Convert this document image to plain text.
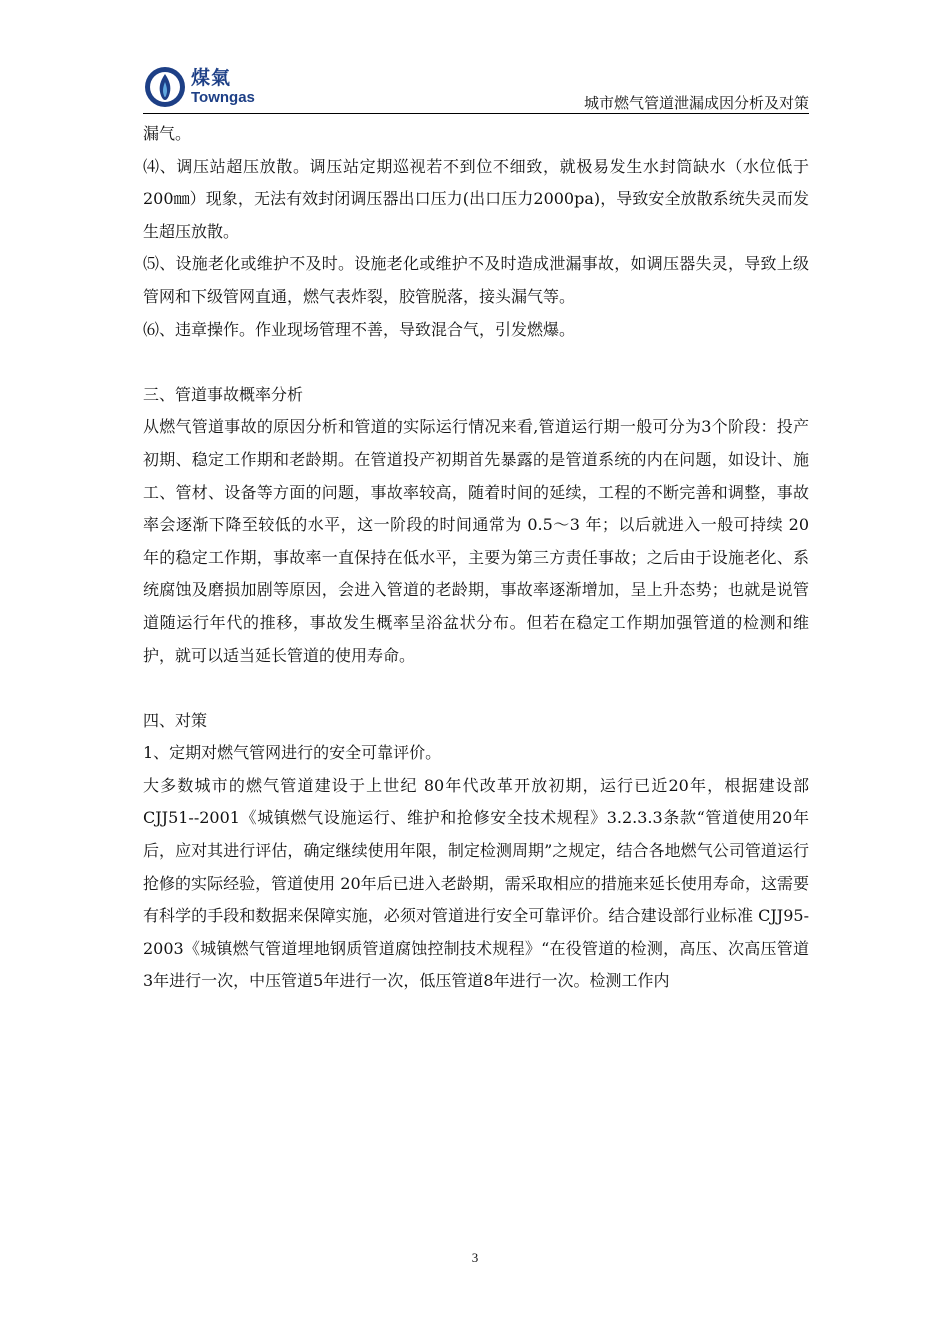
煤氣
Towngas	城市燃气管道泄漏成因分析及对策

漏气。

⑷、调压站超压放散。调压站定期巡视若不到位不细致，就极易发生水封筒缺水（水位低于200㎜）现象，无法有效封闭调压器出口压力(出口压力2000pa)，导致安全放散系统失灵而发生超压放散。

⑸、设施老化或维护不及时。设施老化或维护不及时造成泄漏事故，如调压器失灵，导致上级管网和下级管网直通，燃气表炸裂，胶管脱落，接头漏气等。

⑹、违章操作。作业现场管理不善，导致混合气，引发燃爆。

三、管道事故概率分析

从燃气管道事故的原因分析和管道的实际运行情况来看,管道运行期一般可分为3个阶段：投产初期、稳定工作期和老龄期。在管道投产初期首先暴露的是管道系统的内在问题，如设计、施工、管材、设备等方面的问题，事故率较高，随着时间的延续，工程的不断完善和调整，事故率会逐渐下降至较低的水平，这一阶段的时间通常为 0.5～3 年；以后就进入一般可持续 20 年的稳定工作期，事故率一直保持在低水平，主要为第三方责任事故；之后由于设施老化、系统腐蚀及磨损加剧等原因，会进入管道的老龄期，事故率逐渐增加，呈上升态势；也就是说管道随运行年代的推移，事故发生概率呈浴盆状分布。但若在稳定工作期加强管道的检测和维护，就可以适当延长管道的使用寿命。

四、对策

1、定期对燃气管网进行的安全可靠评价。

大多数城市的燃气管道建设于上世纪 80年代改革开放初期，运行已近20年，根据建设部CJJ51--2001《城镇燃气设施运行、维护和抢修安全技术规程》3.2.3.3条款“管道使用20年后，应对其进行评估，确定继续使用年限，制定检测周期”之规定，结合各地燃气公司管道运行抢修的实际经验，管道使用 20年后已进入老龄期，需采取相应的措施来延长使用寿命，这需要有科学的手段和数据来保障实施，必须对管道进行安全可靠评价。结合建设部行业标准 CJJ95-2003《城镇燃气管道埋地钢质管道腐蚀控制技术规程》“在役管道的检测，高压、次高压管道3年进行一次，中压管道5年进行一次，低压管道8年进行一次。检测工作内

3
